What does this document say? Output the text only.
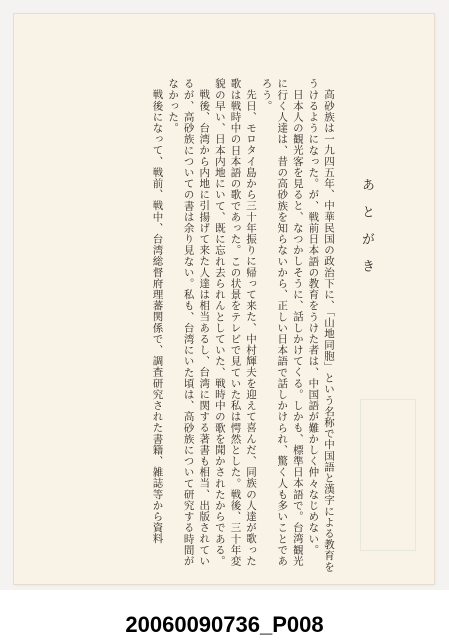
あとがき

高砂族は一九四五年、中華民国の政治下に、「山地同胞」という名称で中国語と漢字による教育をうけるようになった。が、戦前日本語の教育をうけた者は、中国語が難かしく仲々なじめない。

日本人の観光客を見ると、なつかしそうに、話しかけてくる。しかも、標準日本語で。台湾観光に行く人達は、昔の高砂族を知らないから、正しい日本語で話しかけられ、驚く人も多いことであろう。

先日、モロタイ島から三十年振りに帰って来た、中村輝夫を迎えて喜んだ、同族の人達が歌った歌は戦時中の日本語の歌であった。この状景をテレビで見ていた私は愕然とした。戦後、三十年変貌の早い、日本内地にいて、既に忘れ去られんとしていた、戦時中の歌を聞かされたからである。

戦後、台湾から内地に引揚げて来た人達は相当あるし、台湾に関する著書も相当、出版されているが、高砂族についての書は余り見ない。私も、台湾にいた頃は、高砂族について研究する時間がなかった。

戦後になって、戦前、戦中、台湾総督府理蕃関係で、調査研究された書籍、雑誌等から資料

20060090736_P008
